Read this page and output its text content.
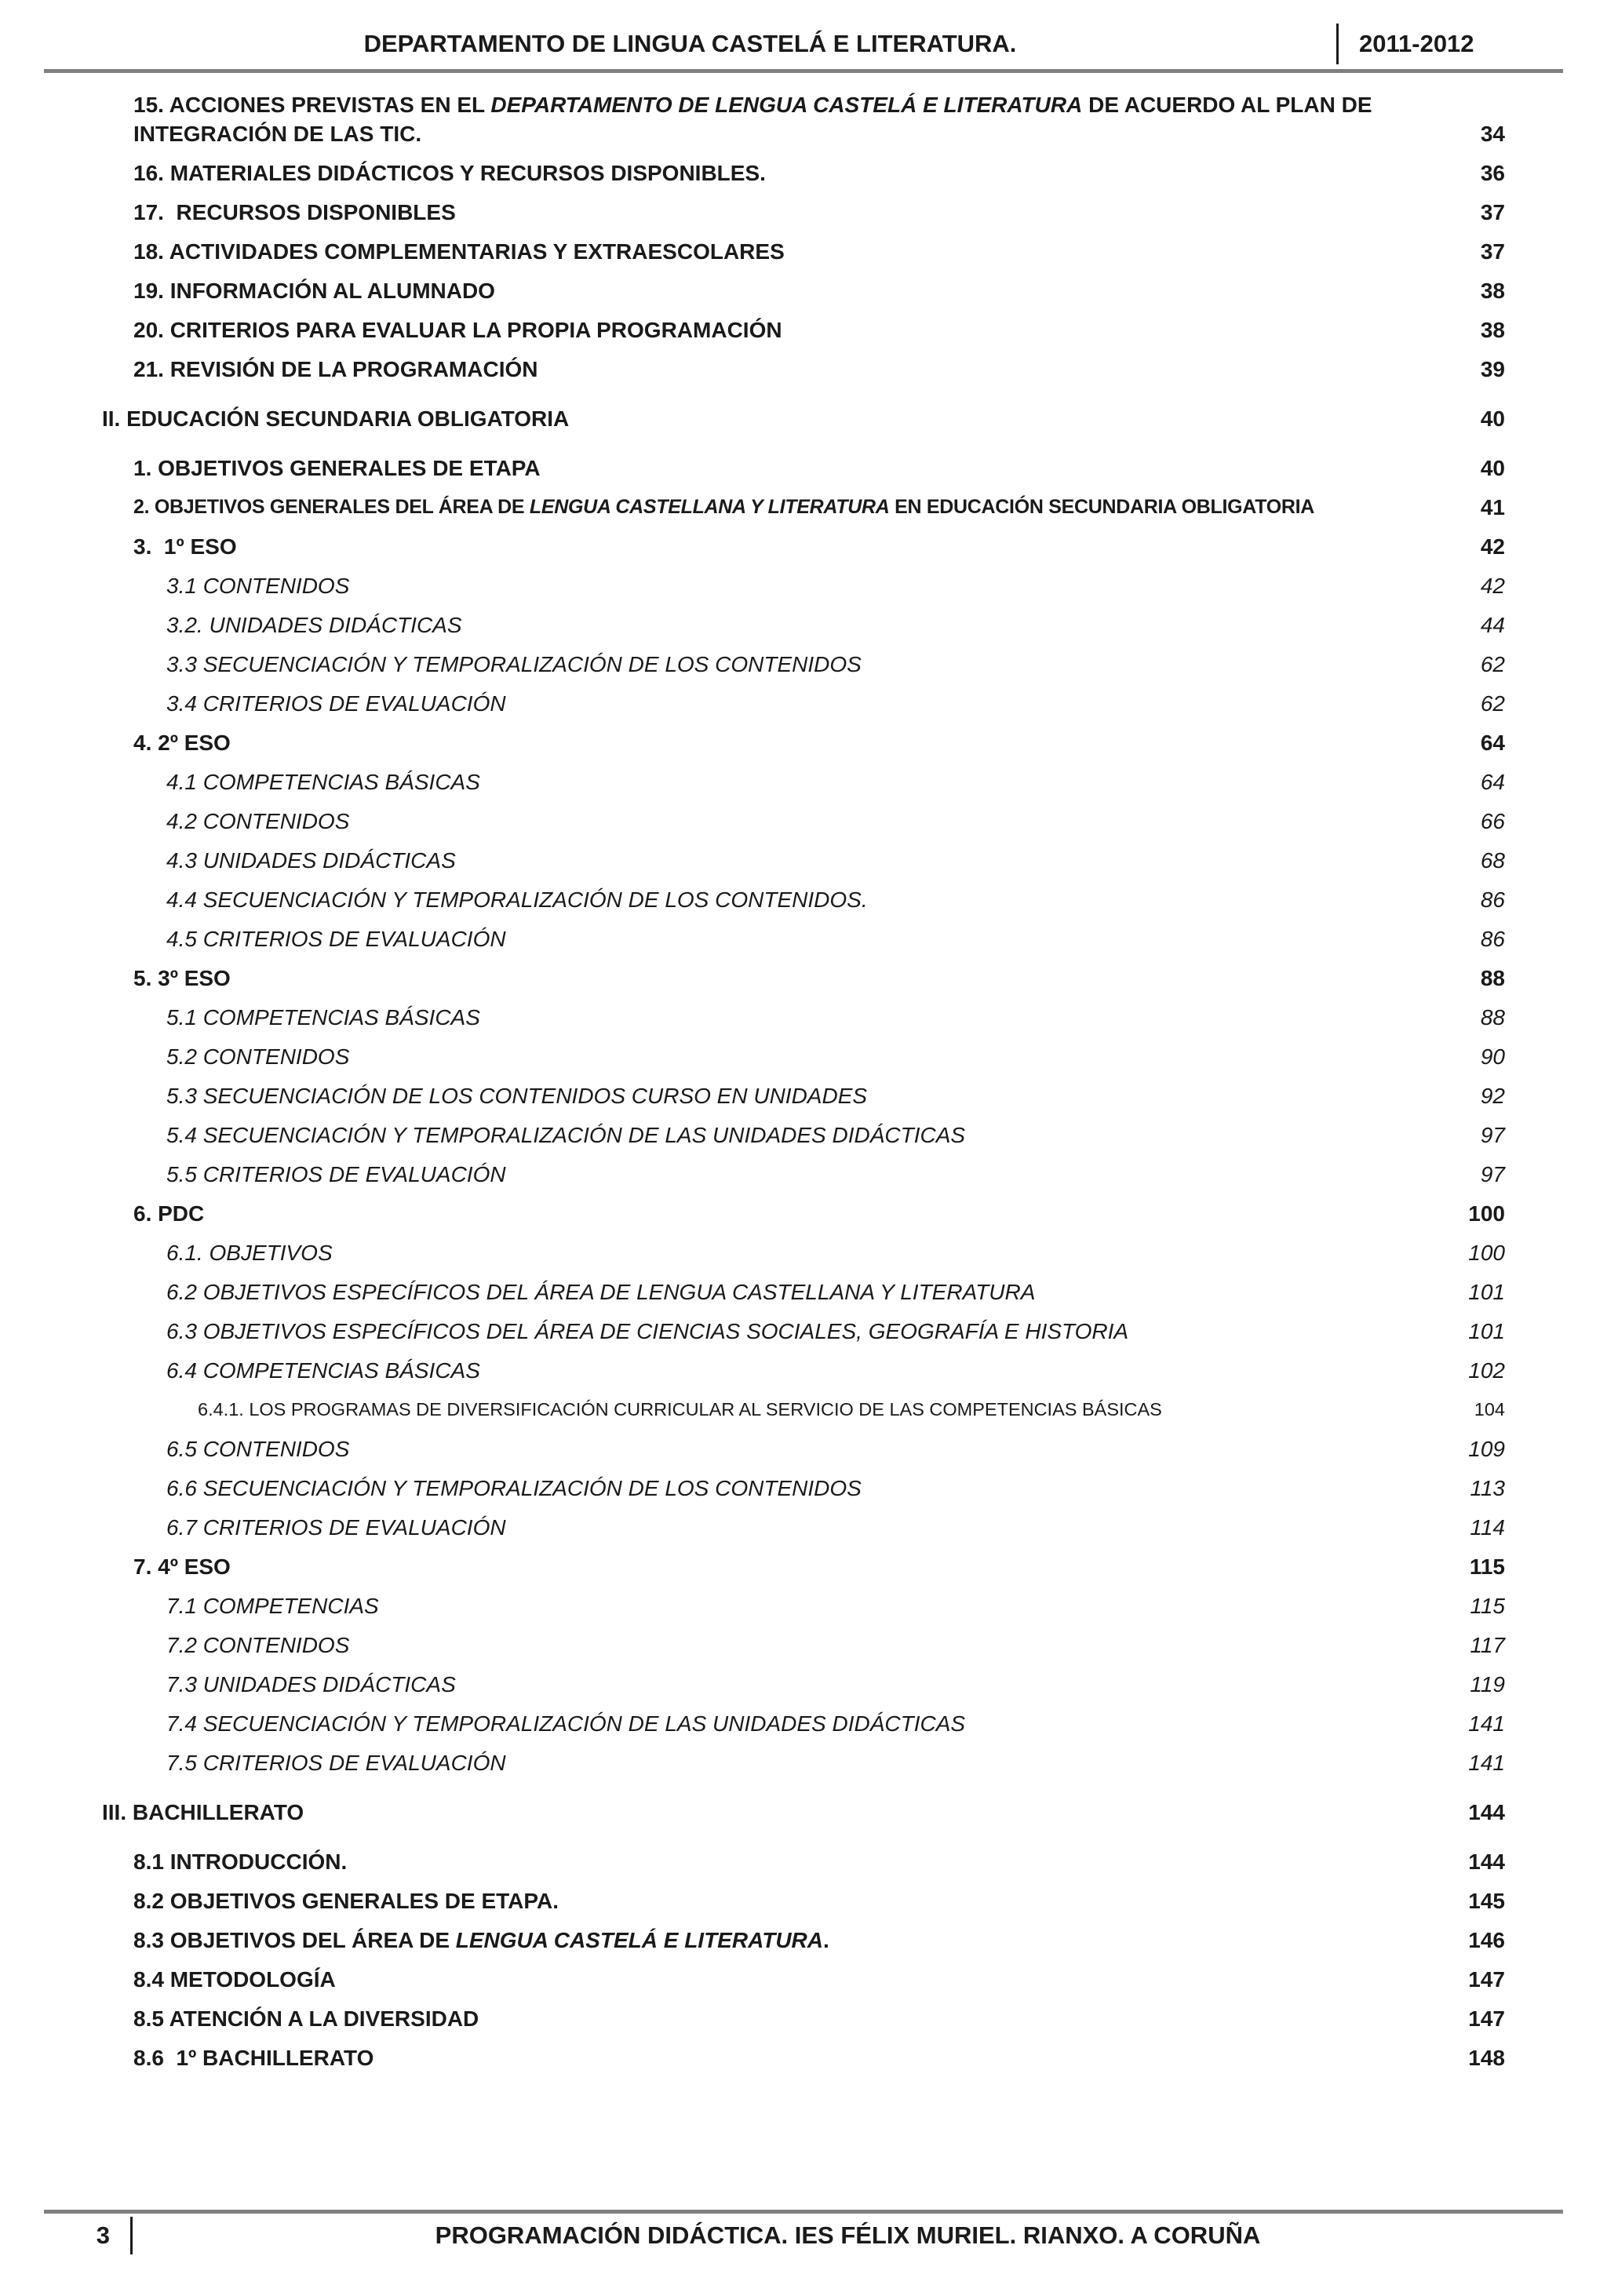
DEPARTAMENTO DE LINGUA CASTELÁ E LITERATURA.	2011-2012
15. ACCIONES PREVISTAS EN EL DEPARTAMENTO DE LENGUA CASTELÁ E LITERATURA DE ACUERDO AL PLAN DE INTEGRACIÓN DE LAS TIC.	34
16. MATERIALES DIDÁCTICOS Y RECURSOS DISPONIBLES.	36
17.  RECURSOS DISPONIBLES	37
18. ACTIVIDADES COMPLEMENTARIAS Y EXTRAESCOLARES	37
19. INFORMACIÓN AL ALUMNADO	38
20. CRITERIOS PARA EVALUAR LA PROPIA PROGRAMACIÓN	38
21. REVISIÓN DE LA PROGRAMACIÓN	39
II. EDUCACIÓN SECUNDARIA OBLIGATORIA	40
1. OBJETIVOS GENERALES DE ETAPA	40
2. OBJETIVOS GENERALES DEL ÁREA DE LENGUA CASTELLANA Y LITERATURA EN EDUCACIÓN SECUNDARIA OBLIGATORIA	41
3.  1º ESO	42
3.1 CONTENIDOS	42
3.2. UNIDADES DIDÁCTICAS	44
3.3 SECUENCIACIÓN Y TEMPORALIZACIÓN DE LOS CONTENIDOS	62
3.4 CRITERIOS DE EVALUACIÓN	62
4. 2º ESO	64
4.1 COMPETENCIAS BÁSICAS	64
4.2 CONTENIDOS	66
4.3 UNIDADES DIDÁCTICAS	68
4.4 SECUENCIACIÓN Y TEMPORALIZACIÓN DE LOS CONTENIDOS.	86
4.5 CRITERIOS DE EVALUACIÓN	86
5. 3º ESO	88
5.1 COMPETENCIAS BÁSICAS	88
5.2 CONTENIDOS	90
5.3 SECUENCIACIÓN DE LOS CONTENIDOS CURSO EN UNIDADES	92
5.4 SECUENCIACIÓN Y TEMPORALIZACIÓN DE LAS UNIDADES DIDÁCTICAS	97
5.5 CRITERIOS DE EVALUACIÓN	97
6. PDC	100
6.1. OBJETIVOS	100
6.2 OBJETIVOS ESPECÍFICOS DEL ÁREA DE LENGUA CASTELLANA Y LITERATURA	101
6.3 OBJETIVOS ESPECÍFICOS DEL ÁREA DE CIENCIAS SOCIALES, GEOGRAFÍA E HISTORIA	101
6.4 COMPETENCIAS BÁSICAS	102
6.4.1. LOS PROGRAMAS DE DIVERSIFICACIÓN CURRICULAR AL SERVICIO DE LAS COMPETENCIAS BÁSICAS	104
6.5 CONTENIDOS	109
6.6 SECUENCIACIÓN Y TEMPORALIZACIÓN DE LOS CONTENIDOS	113
6.7 CRITERIOS DE EVALUACIÓN	114
7. 4º ESO	115
7.1 COMPETENCIAS	115
7.2 CONTENIDOS	117
7.3 UNIDADES DIDÁCTICAS	119
7.4 SECUENCIACIÓN Y TEMPORALIZACIÓN DE LAS UNIDADES DIDÁCTICAS	141
7.5 CRITERIOS DE EVALUACIÓN	141
III. BACHILLERATO	144
8.1 INTRODUCCIÓN.	144
8.2 OBJETIVOS GENERALES DE ETAPA.	145
8.3 OBJETIVOS DEL ÁREA DE LENGUA CASTELÁ E LITERATURA.	146
8.4 METODOLOGÍA	147
8.5 ATENCIÓN A LA DIVERSIDAD	147
8.6  1º BACHILLERATO	148
3	PROGRAMACIÓN DIDÁCTICA. IES FÉLIX MURIEL. RIANXO. A CORUÑA
